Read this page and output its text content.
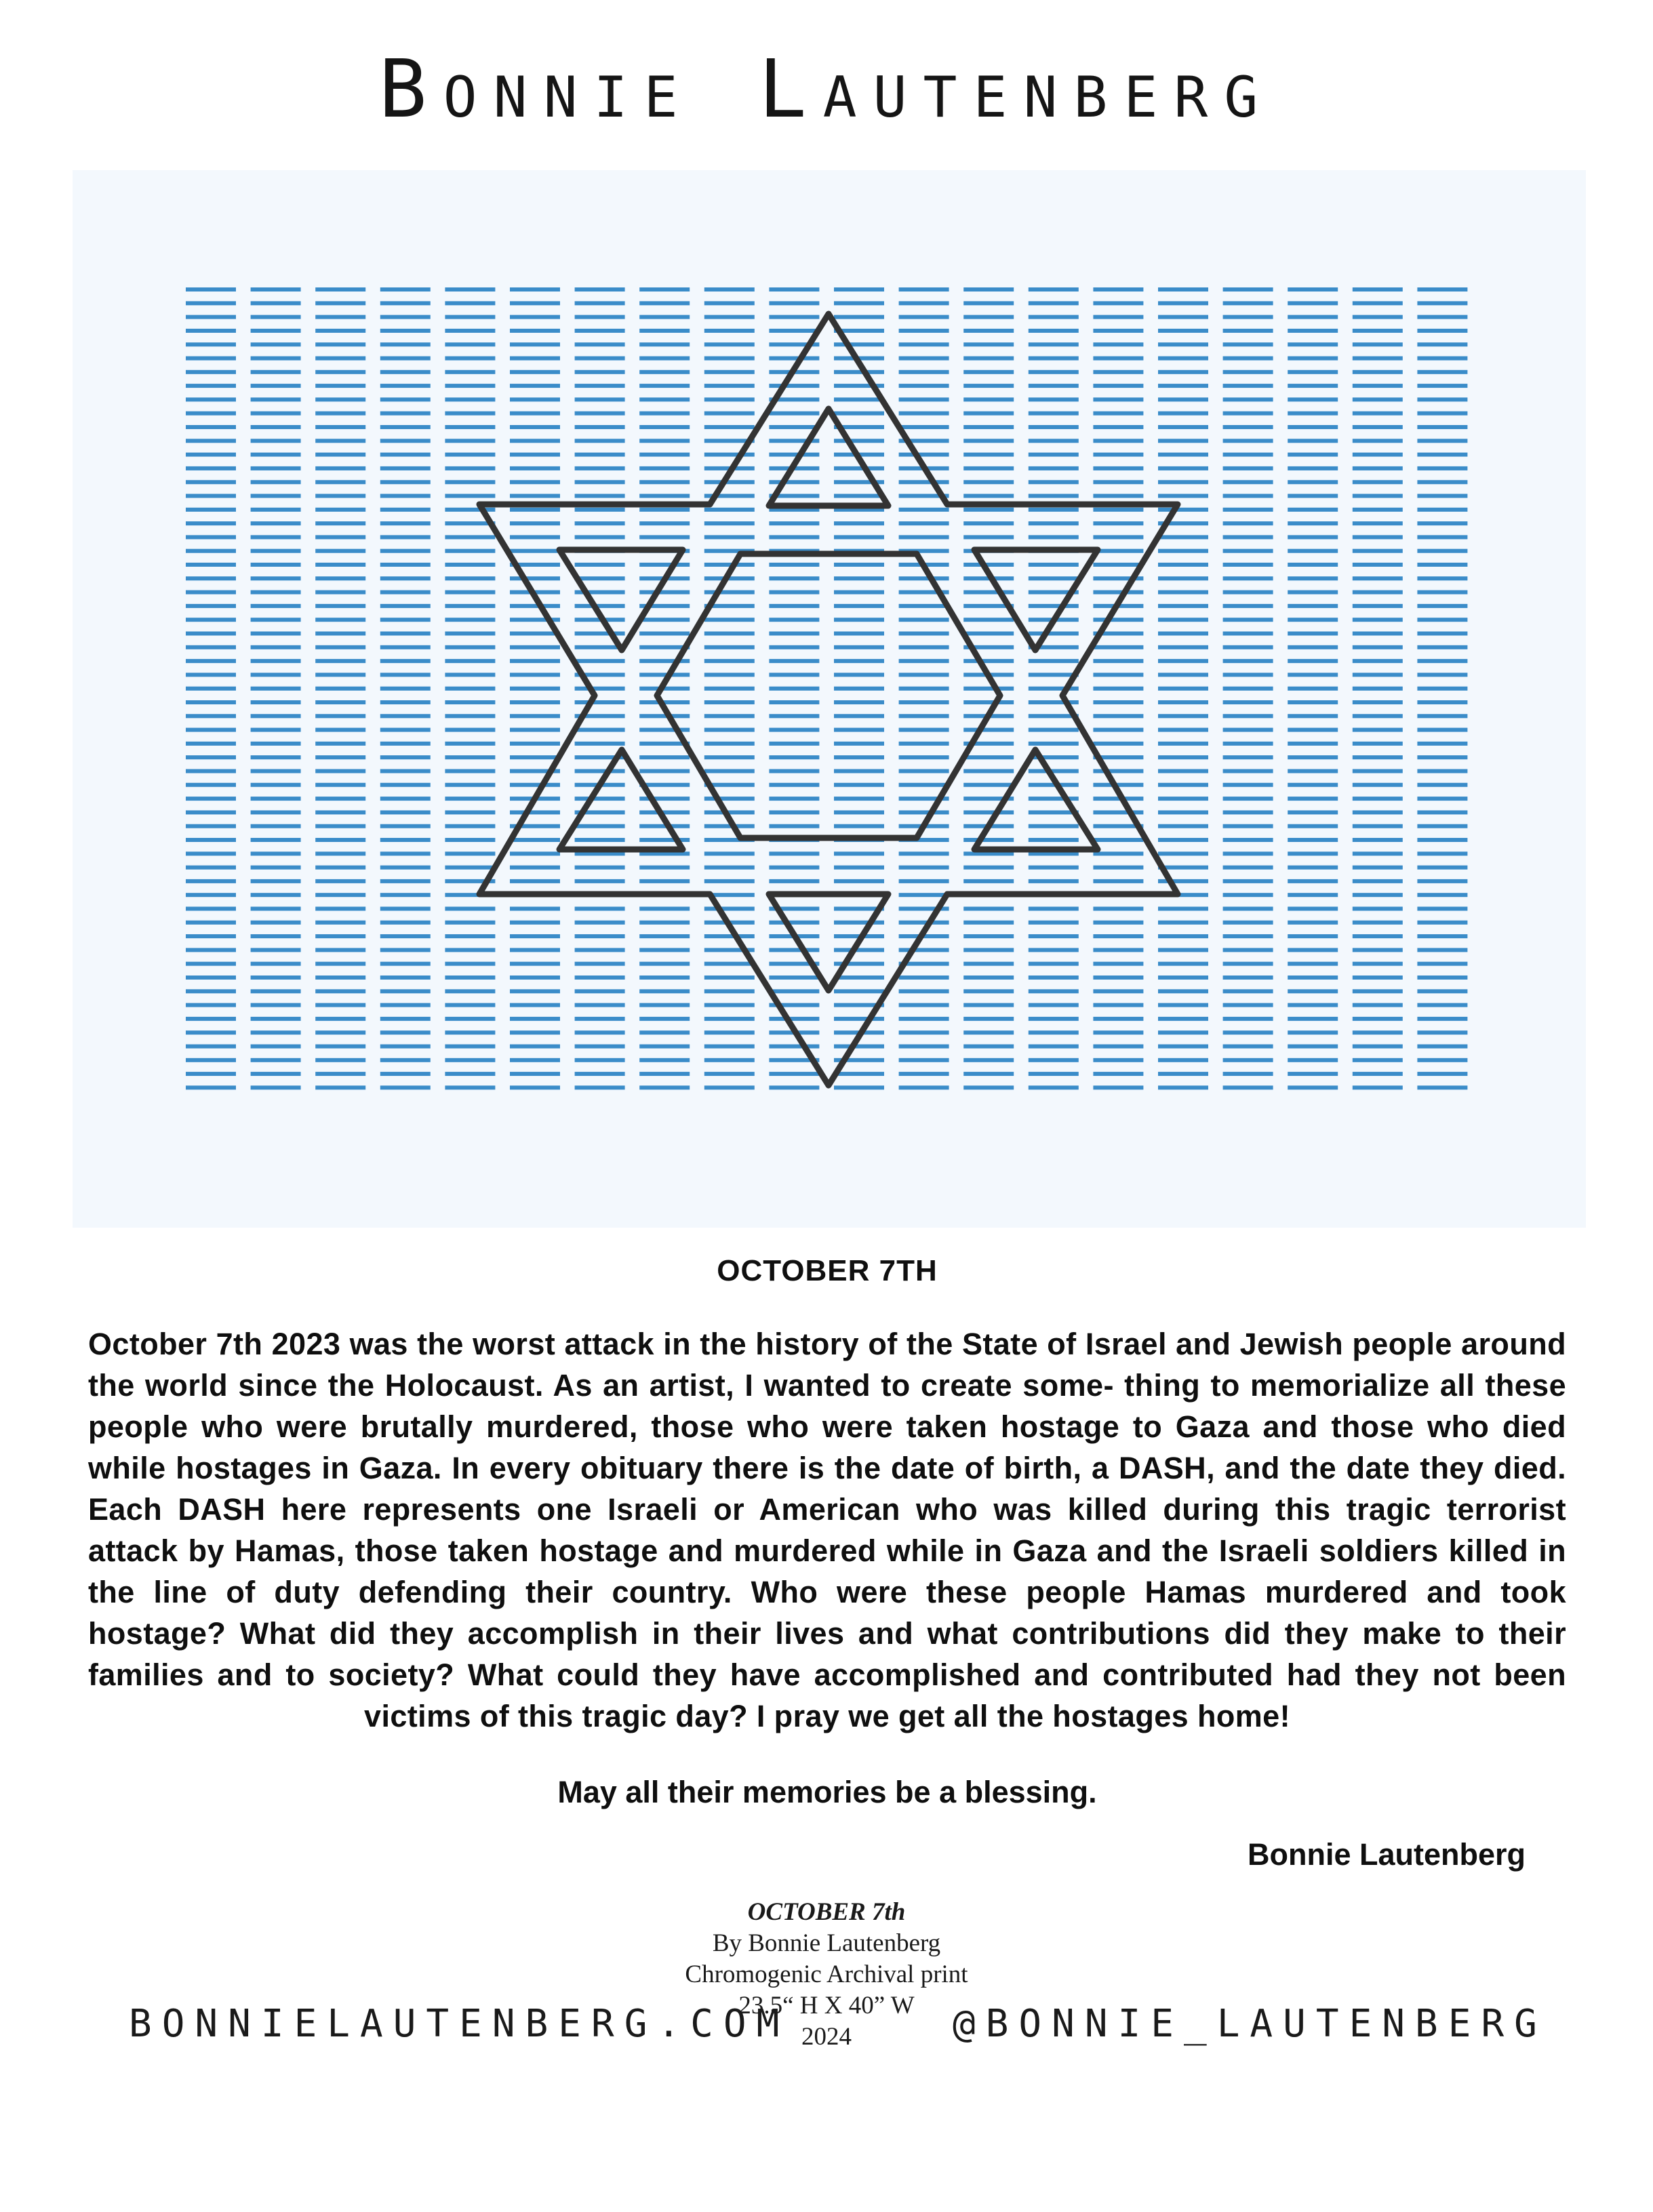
Bonnie Lautenberg
OCTOBER 7TH
October 7th 2023 was the worst attack in the history of the State of Israel and Jewish people around the world since the Holocaust. As an artist, I wanted to create some- thing to memorialize all these people who were brutally murdered, those who were taken hostage to Gaza and those who died while hostages in Gaza. In every obituary there is the date of birth, a DASH, and the date they died. Each DASH here represents one Israeli or American who was killed during this tragic terrorist attack by Hamas, those taken hostage and murdered while in Gaza and the Israeli soldiers killed in the line of duty defending their country. Who were these people Hamas murdered and took hostage? What did they accomplish in their lives and what contributions did they make to their families and to society? What could they have accomplished and contributed had they not been victims of this tragic day? I pray we get all the hostages home!
May all their memories be a blessing.
Bonnie Lautenberg
OCTOBER 7th
By Bonnie Lautenberg
Chromogenic Archival print
23.5“ H X 40” W
2024
BONNIELAUTENBERG.COM	@BONNIE_LAUTENBERG
